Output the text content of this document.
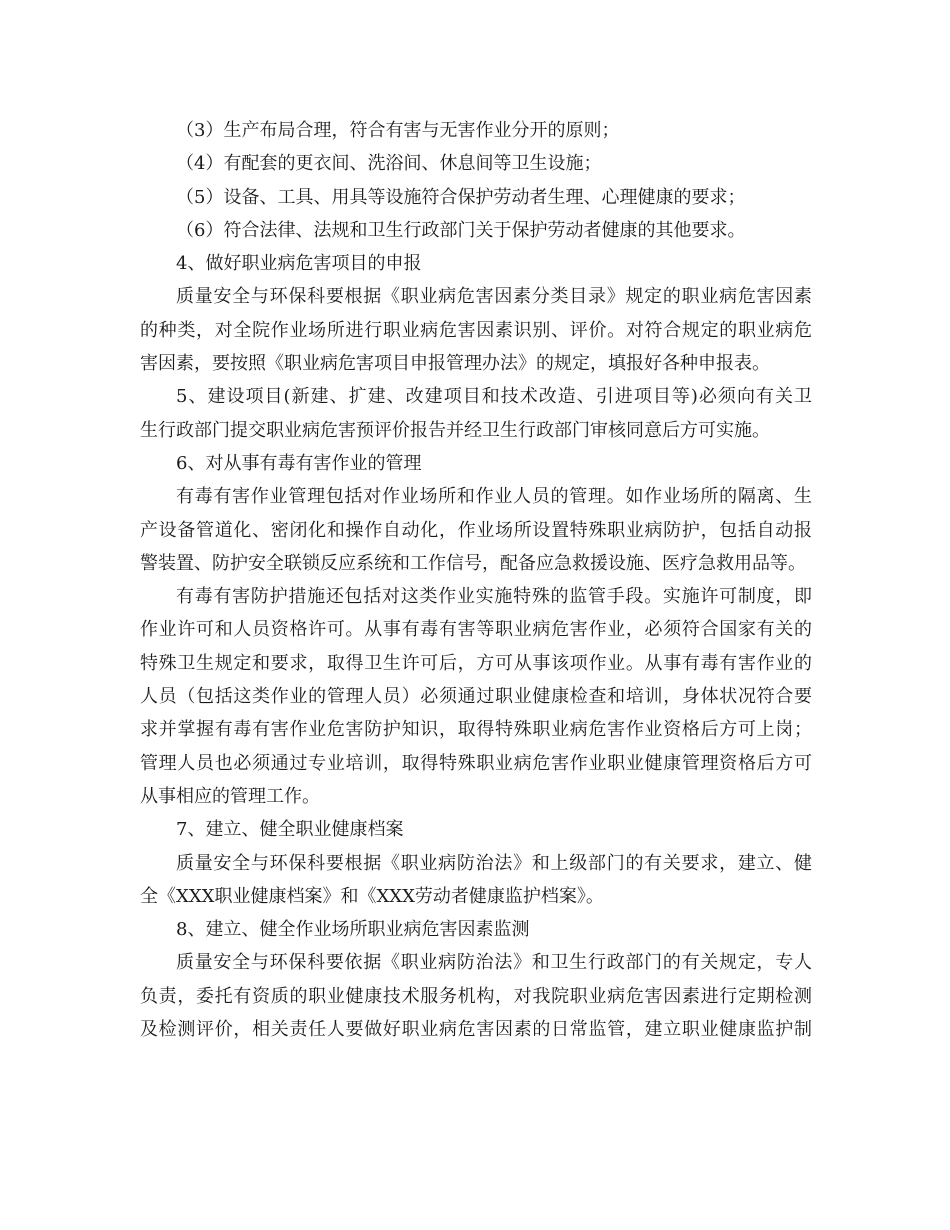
（3）生产布局合理，符合有害与无害作业分开的原则；
（4）有配套的更衣间、洗浴间、休息间等卫生设施；
（5）设备、工具、用具等设施符合保护劳动者生理、心理健康的要求；
（6）符合法律、法规和卫生行政部门关于保护劳动者健康的其他要求。
4、做好职业病危害项目的申报
质量安全与环保科要根据《职业病危害因素分类目录》规定的职业病危害因素
的种类，对全院作业场所进行职业病危害因素识别、评价。对符合规定的职业病危
害因素，要按照《职业病危害项目申报管理办法》的规定，填报好各种申报表。
5、建设项目(新建、扩建、改建项目和技术改造、引进项目等)必须向有关卫
生行政部门提交职业病危害预评价报告并经卫生行政部门审核同意后方可实施。
6、对从事有毒有害作业的管理
有毒有害作业管理包括对作业场所和作业人员的管理。如作业场所的隔离、生
产设备管道化、密闭化和操作自动化，作业场所设置特殊职业病防护，包括自动报
警装置、防护安全联锁反应系统和工作信号，配备应急救援设施、医疗急救用品等。
有毒有害防护措施还包括对这类作业实施特殊的监管手段。实施许可制度，即
作业许可和人员资格许可。从事有毒有害等职业病危害作业，必须符合国家有关的
特殊卫生规定和要求，取得卫生许可后，方可从事该项作业。从事有毒有害作业的
人员（包括这类作业的管理人员）必须通过职业健康检查和培训，身体状况符合要
求并掌握有毒有害作业危害防护知识，取得特殊职业病危害作业资格后方可上岗；
管理人员也必须通过专业培训，取得特殊职业病危害作业职业健康管理资格后方可
从事相应的管理工作。
7、建立、健全职业健康档案
质量安全与环保科要根据《职业病防治法》和上级部门的有关要求，建立、健
全《XXX职业健康档案》和《XXX劳动者健康监护档案》。
8、建立、健全作业场所职业病危害因素监测
质量安全与环保科要依据《职业病防治法》和卫生行政部门的有关规定，专人
负责，委托有资质的职业健康技术服务机构，对我院职业病危害因素进行定期检测
及检测评价，相关责任人要做好职业病危害因素的日常监管，建立职业健康监护制
